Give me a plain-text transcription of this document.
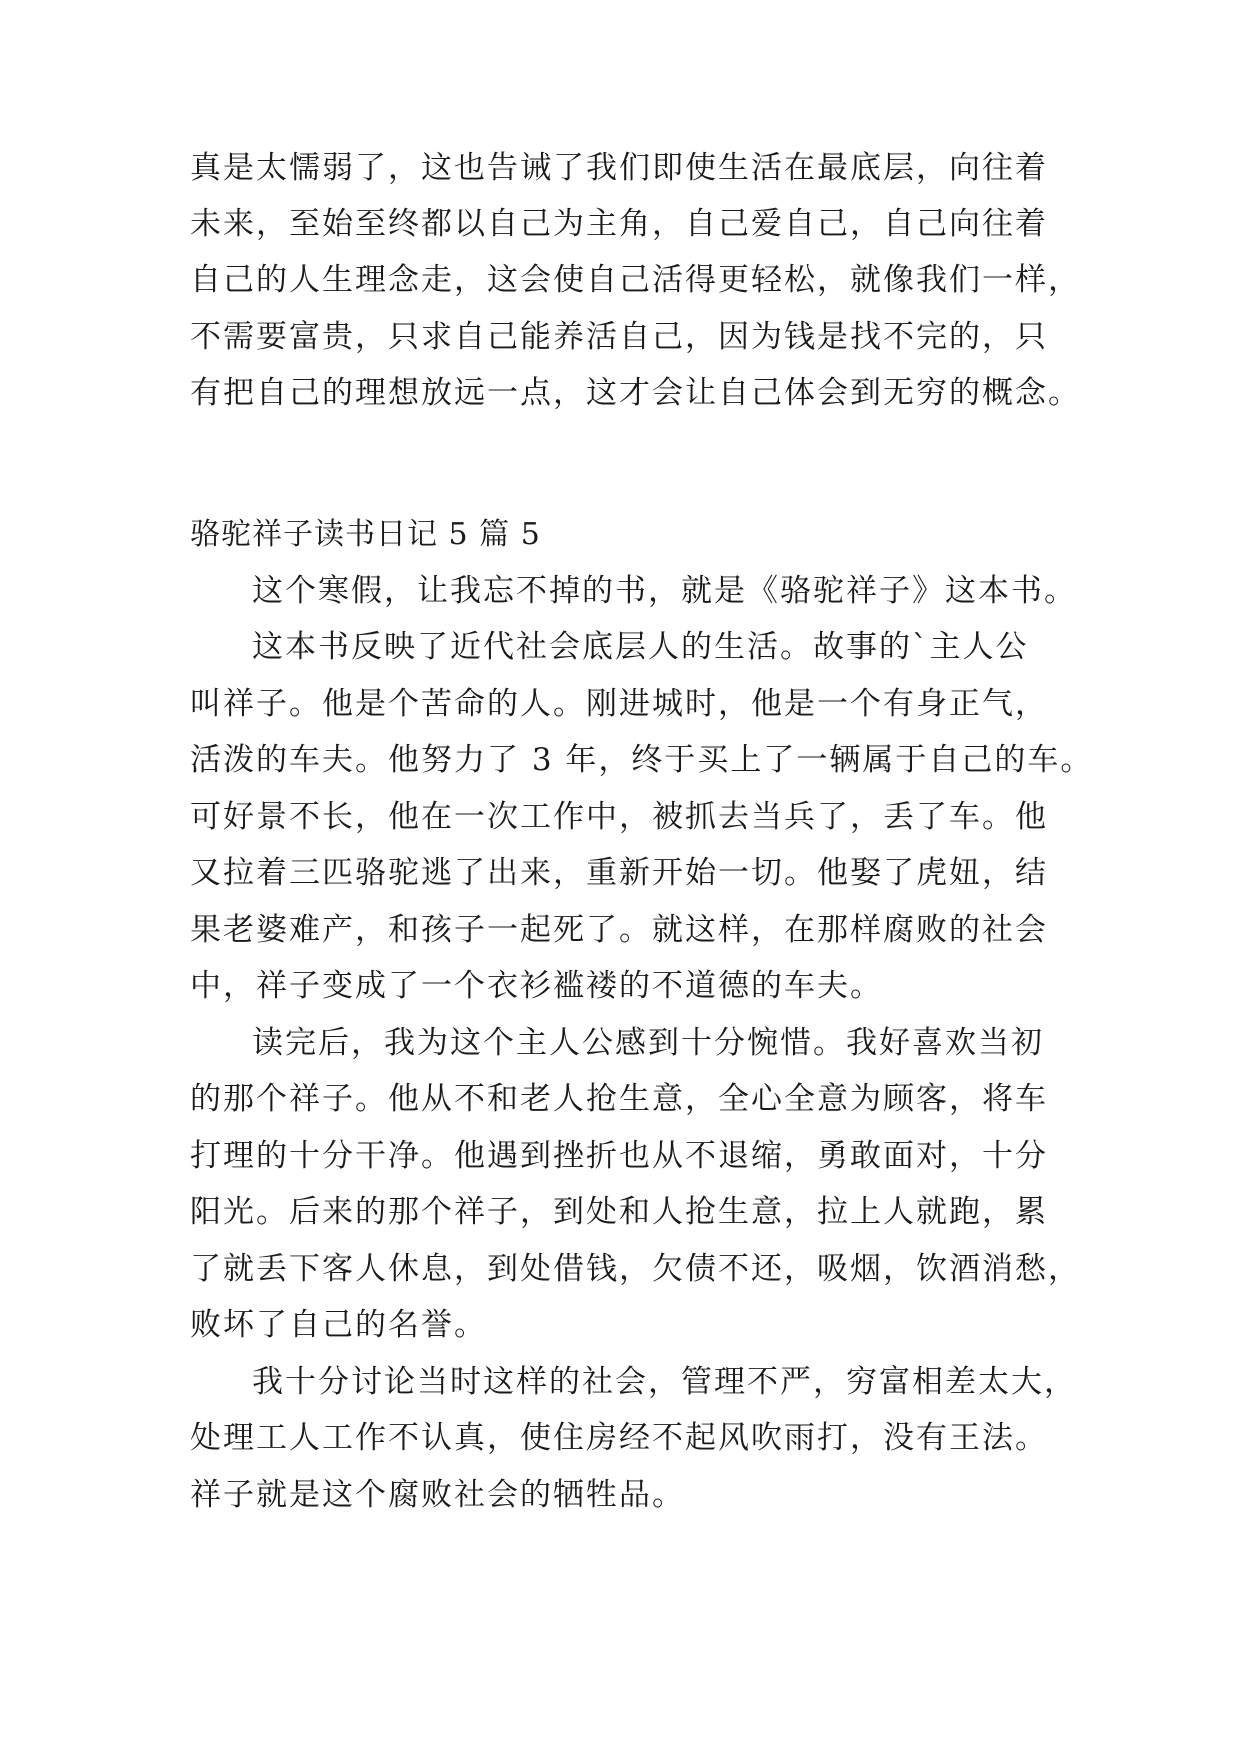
真是太懦弱了，这也告诫了我们即使生活在最底层，向往着
未来，至始至终都以自己为主角，自己爱自己，自己向往着
自己的人生理念走，这会使自己活得更轻松，就像我们一样，
不需要富贵，只求自己能养活自己，因为钱是找不完的，只
有把自己的理想放远一点，这才会让自己体会到无穷的概念。
骆驼祥子读书日记 5 篇 5
这个寒假，让我忘不掉的书，就是《骆驼祥子》这本书。
这本书反映了近代社会底层人的生活。故事的`主人公
叫祥子。他是个苦命的人。刚进城时，他是一个有身正气，
活泼的车夫。他努力了 3 年，终于买上了一辆属于自己的车。
可好景不长，他在一次工作中，被抓去当兵了，丢了车。他
又拉着三匹骆驼逃了出来，重新开始一切。他娶了虎妞，结
果老婆难产，和孩子一起死了。就这样，在那样腐败的社会
中，祥子变成了一个衣衫褴褛的不道德的车夫。
读完后，我为这个主人公感到十分惋惜。我好喜欢当初
的那个祥子。他从不和老人抢生意，全心全意为顾客，将车
打理的十分干净。他遇到挫折也从不退缩，勇敢面对，十分
阳光。后来的那个祥子，到处和人抢生意，拉上人就跑，累
了就丢下客人休息，到处借钱，欠债不还，吸烟，饮酒消愁，
败坏了自己的名誉。
我十分讨论当时这样的社会，管理不严，穷富相差太大，
处理工人工作不认真，使住房经不起风吹雨打，没有王法。
祥子就是这个腐败社会的牺牲品。
